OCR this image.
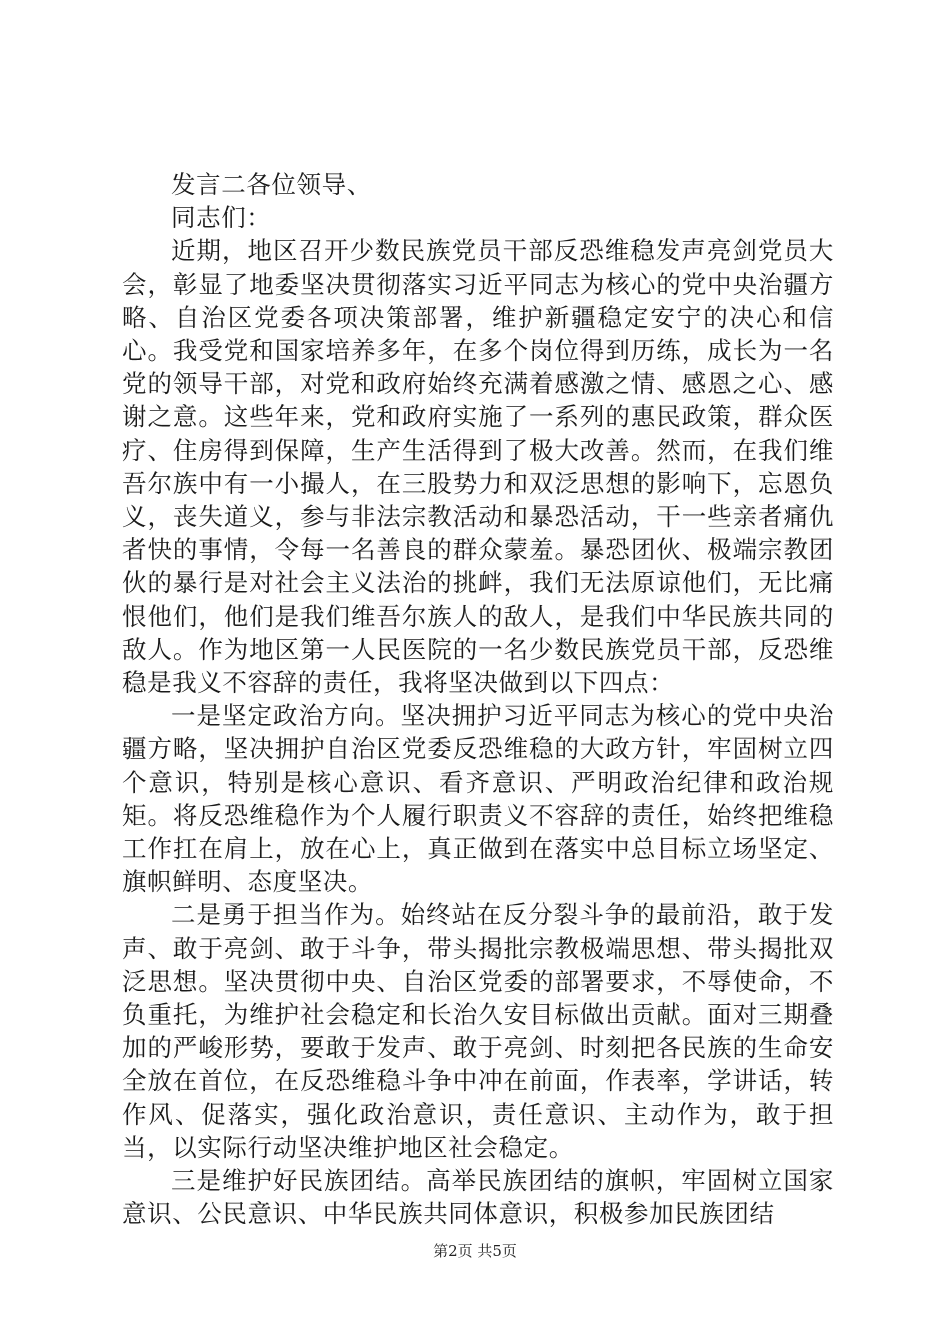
发言二各位领导、

同志们：

近期，地区召开少数民族党员干部反恐维稳发声亮剑党员大会，彰显了地委坚决贯彻落实习近平同志为核心的党中央治疆方略、自治区党委各项决策部署，维护新疆稳定安宁的决心和信心。我受党和国家培养多年，在多个岗位得到历练，成长为一名党的领导干部，对党和政府始终充满着感激之情、感恩之心、感谢之意。这些年来，党和政府实施了一系列的惠民政策，群众医疗、住房得到保障，生产生活得到了极大改善。然而，在我们维吾尔族中有一小撮人，在三股势力和双泛思想的影响下，忘恩负义，丧失道义，参与非法宗教活动和暴恐活动，干一些亲者痛仇者快的事情，令每一名善良的群众蒙羞。暴恐团伙、极端宗教团伙的暴行是对社会主义法治的挑衅，我们无法原谅他们，无比痛恨他们，他们是我们维吾尔族人的敌人，是我们中华民族共同的敌人。作为地区第一人民医院的一名少数民族党员干部，反恐维稳是我义不容辞的责任，我将坚决做到以下四点：

一是坚定政治方向。坚决拥护习近平同志为核心的党中央治疆方略，坚决拥护自治区党委反恐维稳的大政方针，牢固树立四个意识，特别是核心意识、看齐意识、严明政治纪律和政治规矩。将反恐维稳作为个人履行职责义不容辞的责任，始终把维稳工作扛在肩上，放在心上，真正做到在落实中总目标立场坚定、旗帜鲜明、态度坚决。

二是勇于担当作为。始终站在反分裂斗争的最前沿，敢于发声、敢于亮剑、敢于斗争，带头揭批宗教极端思想、带头揭批双泛思想。坚决贯彻中央、自治区党委的部署要求，不辱使命，不负重托，为维护社会稳定和长治久安目标做出贡献。面对三期叠加的严峻形势，要敢于发声、敢于亮剑、时刻把各民族的生命安全放在首位，在反恐维稳斗争中冲在前面，作表率，学讲话，转作风、促落实，强化政治意识，责任意识、主动作为，敢于担当，以实际行动坚决维护地区社会稳定。

三是维护好民族团结。高举民族团结的旗帜，牢固树立国家意识、公民意识、中华民族共同体意识，积极参加民族团结

第2页 共5页
